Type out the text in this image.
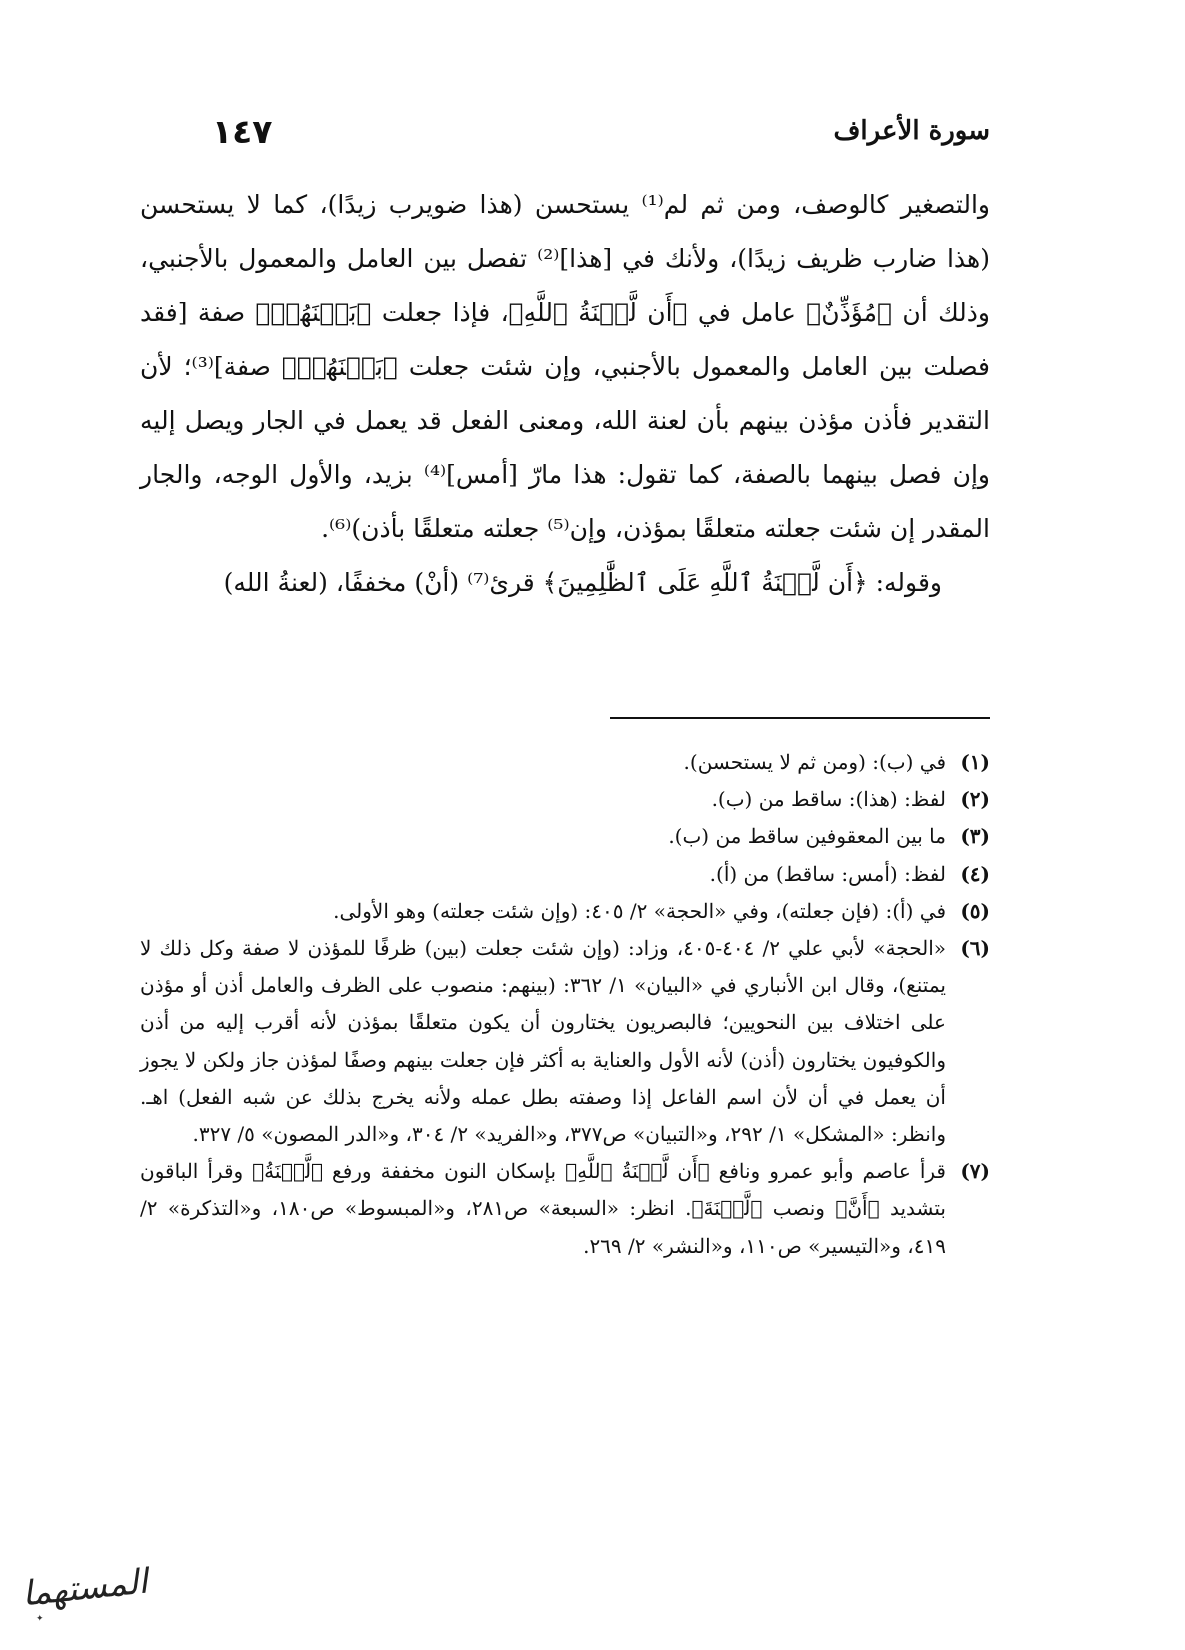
١٤٧	سورة الأعراف

والتصغير كالوصف، ومن ثم لم⁽¹⁾ يستحسن (هذا ضويرب زيدًا)، كما لا يستحسن (هذا ضارب ظريف زيدًا)، ولأنك في [هذا]⁽²⁾ تفصل بين العامل والمعمول بالأجنبي، وذلك أن ﴿مُؤَذِّنٌ﴾ عامل في ﴿أَن لَّعۡنَةُ ٱللَّهِ﴾، فإذا جعلت ﴿بَيۡنَهُمۡ﴾ صفة [فقد فصلت بين العامل والمعمول بالأجنبي، وإن شئت جعلت ﴿بَيۡنَهُمۡ﴾ صفة]⁽³⁾؛ لأن التقدير فأذن مؤذن بينهم بأن لعنة الله، ومعنى الفعل قد يعمل في الجار ويصل إليه وإن فصل بينهما بالصفة، كما تقول: هذا مارّ [أمس]⁽⁴⁾ بزيد، والأول الوجه، والجار المقدر إن شئت جعلته متعلقًا بمؤذن، وإن⁽⁵⁾ جعلته متعلقًا بأذن)⁽⁶⁾.

وقوله: ﴿أَن لَّعۡنَةُ ٱللَّهِ عَلَى ٱلظَّٰلِمِينَ﴾ قرئ⁽⁷⁾ (أنْ) مخففًا، (لعنةُ الله)

(١)
في (ب): (ومن ثم لا يستحسن).
(٢)
لفظ: (هذا): ساقط من (ب).
(٣)
ما بين المعقوفين ساقط من (ب).
(٤)
لفظ: (أمس: ساقط) من (أ).
(٥)
في (أ): (فإن جعلته)، وفي «الحجة» ٢/ ٤٠٥: (وإن شئت جعلته) وهو الأولى.
(٦)
«الحجة» لأبي علي ٢/ ٤٠٤-٤٠٥، وزاد: (وإن شئت جعلت (بين) ظرفًا للمؤذن لا صفة وكل ذلك لا يمتنع)، وقال ابن الأنباري في «البيان» ١/ ٣٦٢: (بينهم: منصوب على الظرف والعامل أذن أو مؤذن على اختلاف بين النحويين؛ فالبصريون يختارون أن يكون متعلقًا بمؤذن لأنه أقرب إليه من أذن والكوفيون يختارون (أذن) لأنه الأول والعناية به أكثر فإن جعلت بينهم وصفًا لمؤذن جاز ولكن لا يجوز أن يعمل في أن لأن اسم الفاعل إذا وصفته بطل عمله ولأنه يخرج بذلك عن شبه الفعل) اهـ. وانظر: «المشكل» ١/ ٢٩٢، و«التبيان» ص٣٧٧، و«الفريد» ٢/ ٣٠٤، و«الدر المصون» ٥/ ٣٢٧.
(٧)
قرأ عاصم وأبو عمرو ونافع ﴿أَن لَّعۡنَةُ ٱللَّهِ﴾ بإسكان النون مخففة ورفع ﴿لَّعۡنَةُ﴾ وقرأ الباقون بتشديد ﴿أَنَّ﴾ ونصب ﴿لَّعۡنَةَ﴾. انظر: «السبعة» ص٢٨١، و«المبسوط» ص١٨٠، و«التذكرة» ٢/ ٤١٩، و«التيسير» ص١١٠، و«النشر» ٢/ ٢٦٩.
المستهما
✦
